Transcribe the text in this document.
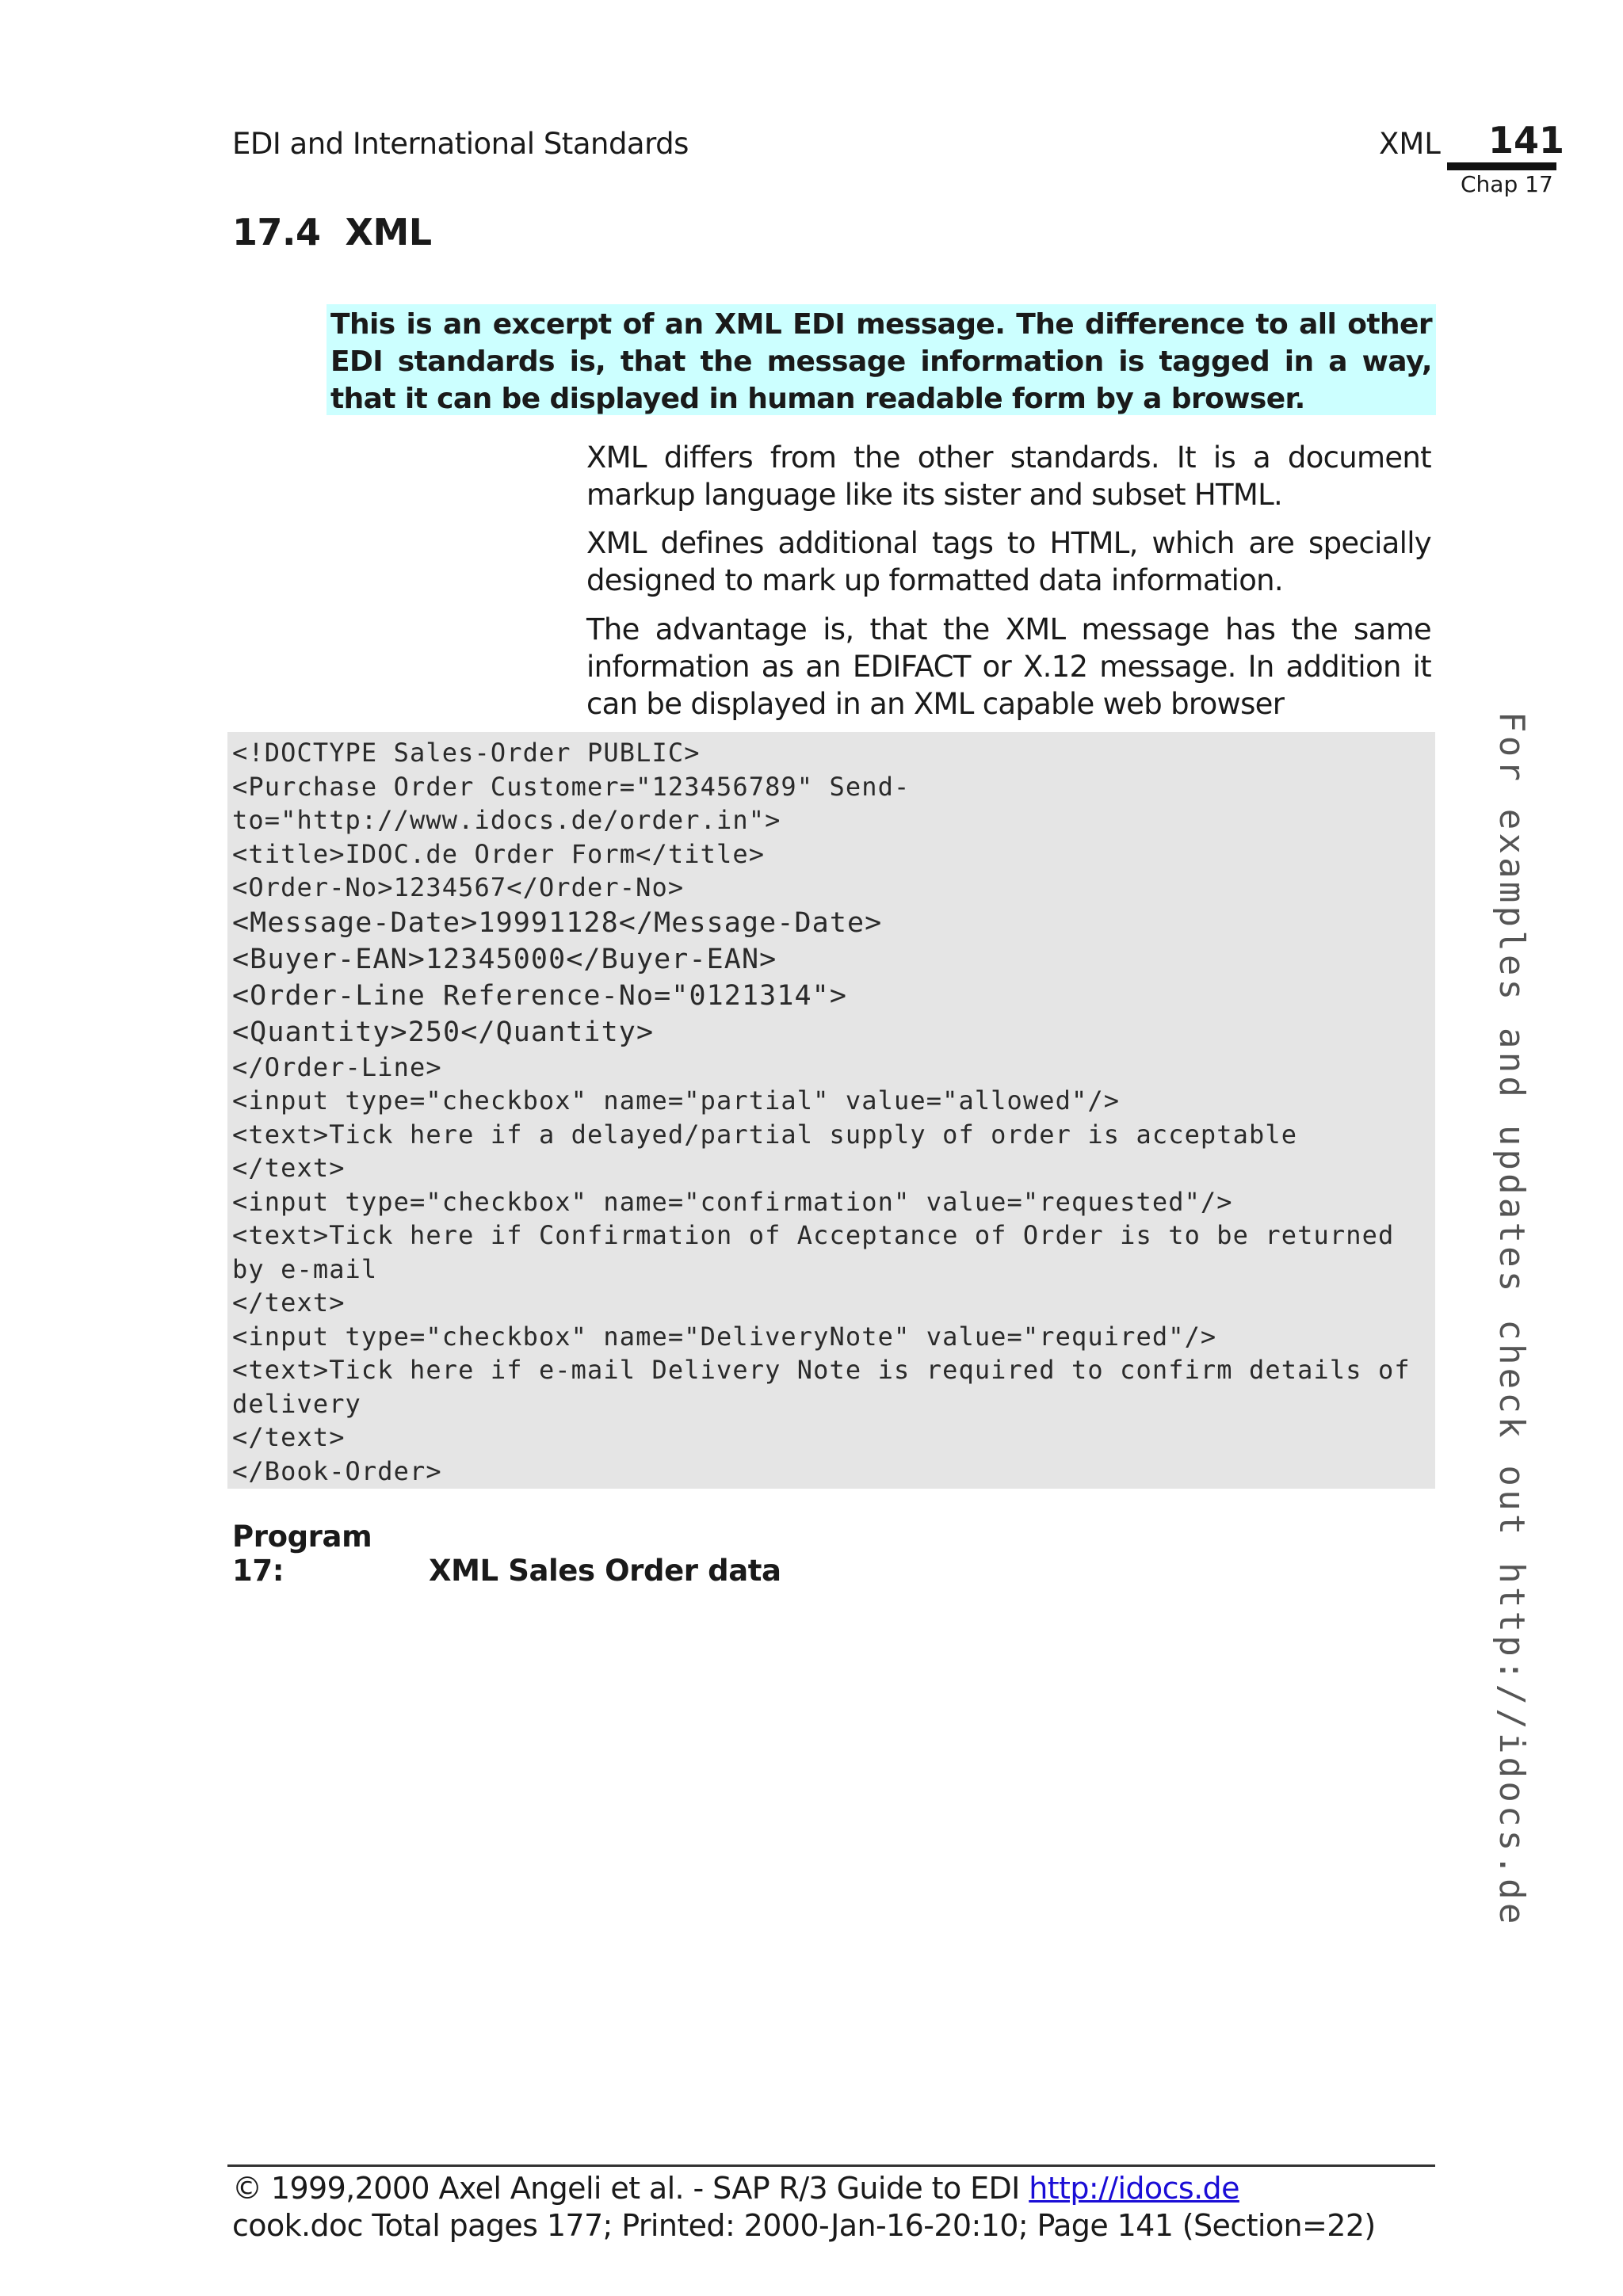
EDI and International Standards	XML 141
Chap 17
17.4 XML
This is an excerpt of an XML EDI message. The difference to all other EDI standards is, that the message information is tagged in a way, that it can be displayed in human readable form by a browser.
XML differs from the other standards. It is a document markup language like its sister and subset HTML.
XML defines additional tags to HTML, which are specially designed to mark up formatted data information.
The advantage is, that the XML message has the same information as an EDIFACT or X.12 message. In addition it can be displayed in an XML capable web browser
<!DOCTYPE Sales-Order PUBLIC>
<Purchase Order Customer="123456789" Send-
to="http://www.idocs.de/order.in">
<title>IDOC.de Order Form</title>
<Order-No>1234567</Order-No>
<Message-Date>19991128</Message-Date>
<Buyer-EAN>12345000</Buyer-EAN>
<Order-Line Reference-No="0121314">
<Quantity>250</Quantity>
</Order-Line>
<input type="checkbox" name="partial" value="allowed"/>
<text>Tick here if a delayed/partial supply of order is acceptable
</text>
<input type="checkbox" name="confirmation" value="requested"/>
<text>Tick here if Confirmation of Acceptance of Order is to be returned
by e-mail
</text>
<input type="checkbox" name="DeliveryNote" value="required"/>
<text>Tick here if e-mail Delivery Note is required to confirm details of
delivery
</text>
</Book-Order>
Program 17:	XML Sales Order data	For examples and updates check out http://idocs.de
© 1999,2000 Axel Angeli et al. - SAP R/3 Guide to EDI http://idocs.de
cook.doc Total pages 177; Printed: 2000-Jan-16-20:10; Page 141 (Section=22)
